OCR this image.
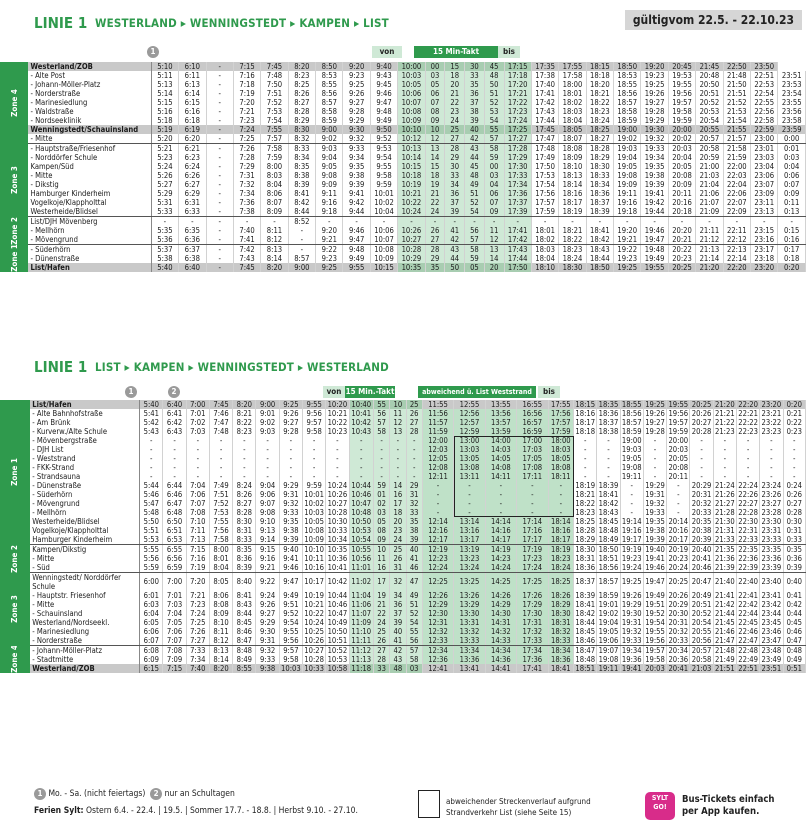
LINIE 1 WESTERLAND ▸ WENNINGSTEDT ▸ KAMPEN ▸ LIST	gültigvom 22.5. - 22.10.23
1	von	15 Min-Takt	bis
Zone 4	Westerland/ZOB	5:10	6:10	-	7:15	7:45	8:20	8:50	9:20	9:40	10:00	00	15	30	45	17:15	17:35	17:55	18:15	18:50	19:20	20:45	21:45	22:50	23:50	
	- Alte Post	5:11	6:11	-	7:16	7:48	8:23	8:53	9:23	9:43	10:03	03	18	33	48	17:18	17:38	17:58	18:18	18:53	19:23	19:53	20:48	21:48	22:51	23:51
	- Johann-Möller-Platz	5:13	6:13	-	7:18	7:50	8:25	8:55	9:25	9:45	10:05	05	20	35	50	17:20	17:40	18:00	18:20	18:55	19:25	19:55	20:50	21:50	22:53	23:53
	- Norderstraße	5:14	6:14	-	7:19	7:51	8:26	8:56	9:26	9:46	10:06	06	21	36	51	17:21	17:41	18:01	18:21	18:56	19:26	19:56	20:51	21:51	22:54	23:54
	- Marinesiedlung	5:15	6:15	-	7:20	7:52	8:27	8:57	9:27	9:47	10:07	07	22	37	52	17:22	17:42	18:02	18:22	18:57	19:27	19:57	20:52	21:52	22:55	23:55
	- Waldstraße	5:16	6:16	-	7:21	7:53	8:28	8:58	9:28	9:48	10:08	08	23	38	53	17:23	17:43	18:03	18:23	18:58	19:28	19:58	20:53	21:53	22:56	23:56
	- Nordseeklinik	5:18	6:18	-	7:23	7:54	8:29	8:59	9:29	9:49	10:09	09	24	39	54	17:24	17:44	18:04	18:24	18:59	19:29	19:59	20:54	21:54	22:58	23:58
	Wenningstedt/Schauinsland	5:19	6:19	-	7:24	7:55	8:30	9:00	9:30	9:50	10:10	10	25	40	55	17:25	17:45	18:05	18:25	19:00	19:30	20:00	20:55	21:55	22:59	23:59
	- Mitte	5:20	6:20	-	7:25	7:57	8:32	9:02	9:32	9:52	10:12	12	27	42	57	17:27	17:47	18:07	18:27	19:02	19:32	20:02	20:57	21:57	23:00	0:00
Zone 3	- Hauptstraße/Friesenhof	5:21	6:21	-	7:26	7:58	8:33	9:03	9:33	9:53	10:13	13	28	43	58	17:28	17:48	18:08	18:28	19:03	19:33	20:03	20:58	21:58	23:01	0:01
	- Norddörfer Schule	5:23	6:23	-	7:28	7:59	8:34	9:04	9:34	9:54	10:14	14	29	44	59	17:29	17:49	18:09	18:29	19:04	19:34	20:04	20:59	21:59	23:03	0:03
	Kampen/Süd	5:24	6:24	-	7:29	8:00	8:35	9:05	9:35	9:55	10:15	15	30	45	00	17:30	17:50	18:10	18:30	19:05	19:35	20:05	21:00	22:00	23:04	0:04
	- Mitte	5:26	6:26	-	7:31	8:03	8:38	9:08	9:38	9:58	10:18	18	33	48	03	17:33	17:53	18:13	18:33	19:08	19:38	20:08	21:03	22:03	23:06	0:06
	- Dikstig	5:27	6:27	-	7:32	8:04	8:39	9:09	9:39	9:59	10:19	19	34	49	04	17:34	17:54	18:14	18:34	19:09	19:39	20:09	21:04	22:04	23:07	0:07
	Hamburger Kinderheim	5:29	6:29	-	7:34	8:06	8:41	9:11	9:41	10:01	10:21	21	36	51	06	17:36	17:56	18:16	18:36	19:11	19:41	20:11	21:06	22:06	23:09	0:09
	Vogelkoje/Klappholttal	5:31	6:31	-	7:36	8:07	8:42	9:16	9:42	10:02	10:22	22	37	52	07	17:37	17:57	18:17	18:37	19:16	19:42	20:16	21:07	22:07	23:11	0:11
	Westerheide/Blidsel	5:33	6:33	-	7:38	8:09	8:44	9:18	9:44	10:04	10:24	24	39	54	09	17:39	17:59	18:19	18:39	19:18	19:44	20:18	21:09	22:09	23:13	0:13
Zone 2	List/DJH Mövenberg	-	-	-	-	-	8:52	-	-	-	-	-	-	-	-	-	-	-	-	-	-	-	-	-	-	-
	- Mellhörn	5:35	6:35	-	7:40	8:11	-	9:20	9:46	10:06	10:26	26	41	56	11	17:41	18:01	18:21	18:41	19:20	19:46	20:20	21:11	22:11	23:15	0:15
	- Mövengrund	5:36	6:36	-	7:41	8:12	-	9:21	9:47	10:07	10:27	27	42	57	12	17:42	18:02	18:22	18:42	19:21	19:47	20:21	21:12	22:12	23:16	0:16
Zone 1	- Süderhörn	5:37	6:37	-	7:42	8:13	-	9:22	9:48	10:08	10:28	28	43	58	13	17:43	18:03	18:23	18:43	19:22	19:48	20:22	21:13	22:13	23:17	0:17
	- Dünenstraße	5:38	6:38	-	7:43	8:14	8:57	9:23	9:49	10:09	10:29	29	44	59	14	17:44	18:04	18:24	18:44	19:23	19:49	20:23	21:14	22:14	23:18	0:18
	List/Hafen	5:40	6:40	-	7:45	8:20	9:00	9:25	9:55	10:15	10:35	35	50	05	20	17:50	18:10	18:30	18:50	19:25	19:55	20:25	21:20	22:20	23:20	0:20
LINIE 1 LIST ▸ KAMPEN ▸ WENNINGSTEDT ▸ WESTERLAND
1	2	von 15 Min.-Takt	abweichend ü. List Weststrand	bis
Zone 1	List/Hafen	5:40	6:40	7:00	7:45	8:20	9:00	9:25	9:55	10:20	10:40	55	10	25	11:55	12:55	13:55	16:55	17:55	18:15	18:35	18:55	19:25	19:55	20:25	21:20	22:20	23:20	0:20
	- Alte Bahnhofstraße	5:41	6:41	7:01	7:46	8:21	9:01	9:26	9:56	10:21	10:41	56	11	26	11:56	12:56	13:56	16:56	17:56	18:16	18:36	18:56	19:26	19:56	20:26	21:21	22:21	23:21	0:21
	- Am Brünk	5:42	6:42	7:02	7:47	8:22	9:02	9:27	9:57	10:22	10:42	57	12	27	11:57	12:57	13:57	16:57	17:57	18:17	18:37	18:57	19:27	19:57	20:27	21:22	22:22	23:22	0:22
	- Kurverw./Alte Schule	5:43	6:43	7:03	7:48	8:23	9:03	9:28	9:58	10:23	10:43	58	13	28	11:59	12:59	13:59	16:59	17:59	18:18	18:38	18:59	19:28	19:59	20:28	21:23	22:23	23:23	0:23
	- Mövenbergstraße	-	-	-	-	-	-	-	-	-	-	-	-	-	12:00	13:00	14:00	17:00	18:00	-	-	19:00	-	20:00	-	-	-	-	-
	- DJH List	-	-	-	-	-	-	-	-	-	-	-	-	-	12:03	13:03	14:03	17:03	18:03	-	-	19:03	-	20:03	-	-	-	-	-
	- Weststrand	-	-	-	-	-	-	-	-	-	-	-	-	-	12:05	13:05	14:05	17:05	18:05	-	-	19:05	-	20:05	-	-	-	-	-
	- FKK-Strand	-	-	-	-	-	-	-	-	-	-	-	-	-	12:08	13:08	14:08	17:08	18:08	-	-	19:08	-	20:08	-	-	-	-	-
	- Strandsauna	-	-	-	-	-	-	-	-	-	-	-	-	-	12:11	13:11	14:11	17:11	18:11	-	-	19:11	-	20:11	-	-	-	-	-
	- Dünenstraße	5:44	6:44	7:04	7:49	8:24	9:04	9:29	9:59	10:24	10:44	59	14	29	-	-	-	-	-	18:19	18:39	-	19:29	-	20:29	21:24	22:24	23:24	0:24
	- Süderhörn	5:46	6:46	7:06	7:51	8:26	9:06	9:31	10:01	10:26	10:46	01	16	31	-	-	-	-	-	18:21	18:41	-	19:31	-	20:31	21:26	22:26	23:26	0:26
	- Mövengrund	5:47	6:47	7:07	7:52	8:27	9:07	9:32	10:02	10:27	10:47	02	17	32	-	-	-	-	-	18:22	18:42	-	19:32	-	20:32	21:27	22:27	23:27	0:27
	- Mellhörn	5:48	6:48	7:08	7:53	8:28	9:08	9:33	10:03	10:28	10:48	03	18	33	-	-	-	-	-	18:23	18:43	-	19:33	-	20:33	21:28	22:28	23:28	0:28
	Westerheide/Blidsel	5:50	6:50	7:10	7:55	8:30	9:10	9:35	10:05	10:30	10:50	05	20	35	12:14	13:14	14:14	17:14	18:14	18:25	18:45	19:14	19:35	20:14	20:35	21:30	22:30	23:30	0:30
	Vogelkoje/Klappholttal	5:51	6:51	7:11	7:56	8:31	9:13	9:38	10:08	10:33	10:53	08	23	38	12:16	13:16	14:16	17:16	18:16	18:28	18:48	19:16	19:38	20:16	20:38	21:31	22:31	23:31	0:31
	Hamburger Kinderheim	5:53	6:53	7:13	7:58	8:33	9:14	9:39	10:09	10:34	10:54	09	24	39	12:17	13:17	14:17	17:17	18:17	18:29	18:49	19:17	19:39	20:17	20:39	21:33	22:33	23:33	0:33
Zone 2	Kampen/Dikstig	5:55	6:55	7:15	8:00	8:35	9:15	9:40	10:10	10:35	10:55	10	25	40	12:19	13:19	14:19	17:19	18:19	18:30	18:50	19:19	19:40	20:19	20:40	21:35	22:35	23:35	0:35
	- Mitte	5:56	6:56	7:16	8:01	8:36	9:16	9:41	10:11	10:36	10:56	11	26	41	12:23	13:23	14:23	17:23	18:23	18:31	18:51	19:23	19:41	20:23	20:41	21:36	22:36	23:36	0:36
	- Süd	5:59	6:59	7:19	8:04	8:39	9:21	9:46	10:16	10:41	11:01	16	31	46	12:24	13:24	14:24	17:24	18:24	18:36	18:56	19:24	19:46	20:24	20:46	21:39	22:39	23:39	0:39
Zone 3	Wenningstedt/ Norddörfer Schule	6:00	7:00	7:20	8:05	8:40	9:22	9:47	10:17	10:42	11:02	17	32	47	12:25	13:25	14:25	17:25	18:25	18:37	18:57	19:25	19:47	20:25	20:47	21:40	22:40	23:40	0:40
	- Hauptstr. Friesenhof	6:01	7:01	7:21	8:06	8:41	9:24	9:49	10:19	10:44	11:04	19	34	49	12:26	13:26	14:26	17:26	18:26	18:39	18:59	19:26	19:49	20:26	20:49	21:41	22:41	23:41	0:41
	- Mitte	6:03	7:03	7:23	8:08	8:43	9:26	9:51	10:21	10:46	11:06	21	36	51	12:29	13:29	14:29	17:29	18:29	18:41	19:01	19:29	19:51	20:29	20:51	21:42	22:42	23:42	0:42
	- Schauinsland	6:04	7:04	7:24	8:09	8:44	9:27	9:52	10:22	10:47	11:07	22	37	52	12:30	13:30	14:30	17:30	18:30	18:42	19:02	19:30	19:52	20:30	20:52	21:44	22:44	23:44	0:44
	Westerland/Nordseekl.	6:05	7:05	7:25	8:10	8:45	9:29	9:54	10:24	10:49	11:09	24	39	54	12:31	13:31	14:31	17:31	18:31	18:44	19:04	19:31	19:54	20:31	20:54	21:45	22:45	23:45	0:45
	- Marinesiedlung	6:06	7:06	7:26	8:11	8:46	9:30	9:55	10:25	10:50	11:10	25	40	55	12:32	13:32	14:32	17:32	18:32	18:45	19:05	19:32	19:55	20:32	20:55	21:46	22:46	23:46	0:46
	- Norderstraße	6:07	7:07	7:27	8:12	8:47	9:31	9:56	10:26	10:51	11:11	26	41	56	12:33	13:33	14:33	17:33	18:33	18:46	19:06	19:33	19:56	20:33	20:56	21:47	22:47	23:47	0:47
Zone 4	- Johann-Möller-Platz	6:08	7:08	7:33	8:13	8:48	9:32	9:57	10:27	10:52	11:12	27	42	57	12:34	13:34	14:34	17:34	18:34	18:47	19:07	19:34	19:57	20:34	20:57	21:48	22:48	23:48	0:48
	- Stadtmitte	6:09	7:09	7:34	8:14	8:49	9:33	9:58	10:28	10:53	11:13	28	43	58	12:36	13:36	14:36	17:36	18:36	18:48	19:08	19:36	19:58	20:36	20:58	21:49	22:49	23:49	0:49
	Westerland/ZOB	6:15	7:15	7:40	8:20	8:55	9:38	10:03	10:33	10:58	11:18	33	48	03	12:41	13:41	14:41	17:41	18:41	18:51	19:11	19:41	20:03	20:41	21:03	21:51	22:51	23:51	0:51
1 Mo. - Sa. (nicht feiertags) 2 nur an Schultagen
Ferien Sylt: Ostern 6.4. - 22.4. | 19.5. | Sommer 17.7. - 18.8. | Herbst 9.10. - 27.10.
abweichender Streckenverlauf aufgrund
Strandverkehr List (siehe Seite 15)
SYLT
GO!
Bus-Tickets einfach
per App kaufen.
